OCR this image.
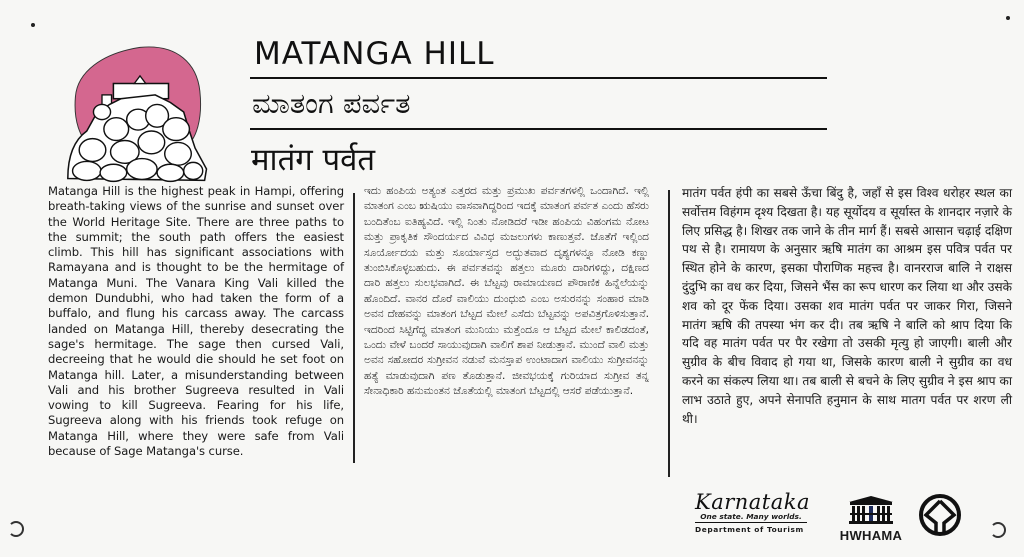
MATANGA HILL
ಮಾತಂಗ ಪರ್ವತ
मातंग पर्वत

Matanga Hill is the highest peak in Hampi, offering breath-taking views of the sunrise and sunset over the World Heritage Site. There are three paths to the summit; the south path offers the easiest climb. This hill has significant associations with Ramayana and is thought to be the hermitage of Matanga Muni. The Vanara King Vali killed the demon Dundubhi, who had taken the form of a buffalo, and flung his carcass away. The carcass landed on Matanga Hill, thereby desecrating the sage's hermitage. The sage then cursed Vali, decreeing that he would die should he set foot on Matanga hill. Later, a misunderstanding between Vali and his brother Sugreeva resulted in Vali vowing to kill Sugreeva. Fearing for his life, Sugreeva along with his friends took refuge on Matanga Hill, where they were safe from Vali because of Sage Matanga's curse.

ಇದು ಹಂಪಿಯ ಅತ್ಯಂತ ಎತ್ತರದ ಮತ್ತು ಪ್ರಮುಖ ಪರ್ವತಗಳಲ್ಲಿ ಒಂದಾಗಿದೆ. ಇಲ್ಲಿ ಮಾತಂಗ ಎಂಬ ಋಷಿಯು ವಾಸವಾಗಿದ್ದರಿಂದ ಇದಕ್ಕೆ ಮಾತಂಗ ಪರ್ವತ ಎಂದು ಹೆಸರು ಬಂದಿತೆಂಬ ಐತಿಹ್ಯವಿದೆ. ಇಲ್ಲಿ ನಿಂತು ನೋಡಿದರೆ ಇಡೀ ಹಂಪಿಯ ವಿಹಂಗಮ ನೋಟ ಮತ್ತು ಪ್ರಾಕೃತಿಕ ಸೌಂದರ್ಯದ ವಿವಿಧ ಮಜಲುಗಳು ಕಾಣುತ್ತವೆ. ಜೊತೆಗೆ ಇಲ್ಲಿಂದ ಸೂರ್ಯೋದಯ ಮತ್ತು ಸೂರ್ಯಾಸ್ತದ ಅದ್ಭುತವಾದ ದೃಶ್ಯಗಳನ್ನೂ ನೋಡಿ ಕಣ್ಣು ತುಂಬಿಸಿಕೊಳ್ಳಬಹುದು. ಈ ಪರ್ವತವನ್ನು ಹತ್ತಲು ಮೂರು ದಾರಿಗಳಿದ್ದು, ದಕ್ಷಿಣದ ದಾರಿ ಹತ್ತಲು ಸುಲಭವಾಗಿದೆ. ಈ ಬೆಟ್ಟವು ರಾಮಾಯಣದ ಪೌರಾಣಿಕ ಹಿನ್ನೆಲೆಯನ್ನು ಹೊಂದಿದೆ. ವಾನರ ದೊರೆ ವಾಲಿಯು ದುಂಧುಬಿ ಎಂಬ ಅಸುರನನ್ನು ಸಂಹಾರ ಮಾಡಿ ಅವನ ದೇಹವನ್ನು ಮಾತಂಗ ಬೆಟ್ಟದ ಮೇಲೆ ಎಸೆದು ಬೆಟ್ಟವನ್ನು ಅಪವಿತ್ರಗೊಳಿಸುತ್ತಾನೆ. ಇದರಿಂದ ಸಿಟ್ಟಿಗೆದ್ದ ಮಾತಂಗ ಮುನಿಯು ಮತ್ತೆಂದೂ ಆ ಬೆಟ್ಟದ ಮೇಲೆ ಕಾಲಿಡದಂತೆ, ಒಂದು ವೇಳೆ ಬಂದರೆ ಸಾಯುವುದಾಗಿ ವಾಲಿಗೆ ಶಾಪ ನೀಡುತ್ತಾನೆ. ಮುಂದೆ ವಾಲಿ ಮತ್ತು ಅವನ ಸಹೋದರ ಸುಗ್ರೀವನ ನಡುವೆ ಮನಸ್ತಾಪ ಉಂಟಾದಾಗ ವಾಲಿಯು ಸುಗ್ರೀವನನ್ನು ಹತ್ಯೆ ಮಾಡುವುದಾಗಿ ಪಣ ತೊಡುತ್ತಾನೆ. ಜೀವಭಯಕ್ಕೆ ಗುರಿಯಾದ ಸುಗ್ರೀವ ತನ್ನ ಸೇನಾಧಿಕಾರಿ ಹನುಮಂತನ ಜೊತೆಯಲ್ಲಿ ಮಾತಂಗ ಬೆಟ್ಟದಲ್ಲಿ ಆಸರೆ ಪಡೆಯುತ್ತಾನೆ.

मातंग पर्वत हंपी का सबसे ऊँचा बिंदु है, जहाँ से इस विश्व धरोहर स्थल का सर्वोत्तम विहंगम दृश्य दिखता है। यह सूर्योदय व सूर्यास्त के शानदार नज़ारे के लिए प्रसिद्ध है। शिखर तक जाने के तीन मार्ग हैं। सबसे आसान चढ़ाई दक्षिण पथ से है। रामायण के अनुसार ऋषि मातंग का आश्रम इस पवित्र पर्वत पर स्थित होने के कारण, इसका पौराणिक महत्त्व है। वानरराज बालि ने राक्षस दुंदुभि का वध कर दिया, जिसने भैंस का रूप धारण कर लिया था और उसके शव को दूर फेंक दिया। उसका शव मातंग पर्वत पर जाकर गिरा, जिसने मातंग ऋषि की तपस्या भंग कर दी। तब ऋषि ने बालि को श्राप दिया कि यदि वह मातंग पर्वत पर पैर रखेगा तो उसकी मृत्यु हो जाएगी। बाली और सुग्रीव के बीच विवाद हो गया था, जिसके कारण बाली ने सुग्रीव का वध करने का संकल्प लिया था। तब बाली से बचने के लिए सुग्रीव ने इस श्राप का लाभ उठाते हुए, अपने सेनापति हनुमान के साथ मातग पर्वत पर शरण ली थी।

Karnataka
One state. Many worlds.
Department of Tourism	HWHAMA
